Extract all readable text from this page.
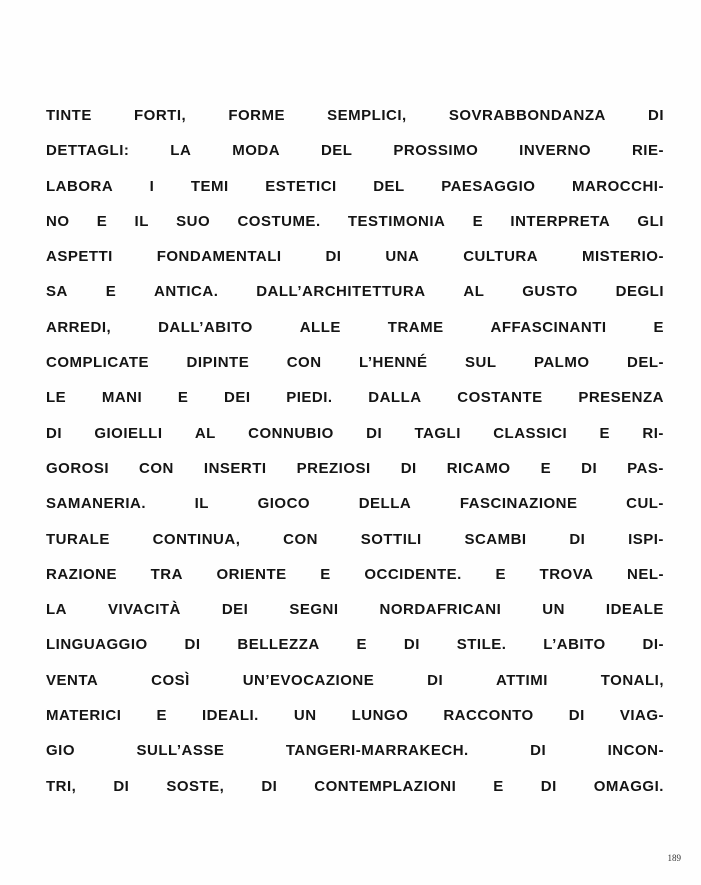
TINTE	FORTI,	FORME	SEMPLICI,	SOVRABBONDANZA	DI
DETTAGLI:	LA	MODA	DEL	PROSSIMO	INVERNO	RIE-
LABORA I TEMI ESTETICI DEL PAESAGGIO MAROCCHI-
NO E IL SUO COSTUME. TESTIMONIA E INTERPRETA GLI
ASPETTI	FONDAMENTALI	DI	UNA	CULTURA	MISTERIO-
SA	E	ANTICA.	DALL’ARCHITETTURA	AL	GUSTO	DEGLI
ARREDI,	DALL’ABITO	ALLE	TRAME	AFFASCINANTI	E
COMPLICATE DIPINTE CON L’HENNÉ SUL PALMO DEL-
LE MANI E DEI PIEDI. DALLA COSTANTE PRESENZA
DI GIOIELLI AL CONNUBIO DI TAGLI CLASSICI E RI-
GOROSI CON INSERTI PREZIOSI DI RICAMO E DI PAS-
SAMANERIA.	IL	GIOCO	DELLA	FASCINAZIONE	CUL-
TURALE	CONTINUA,	CON	SOTTILI	SCAMBI	DI	ISPI-
RAZIONE TRA ORIENTE E OCCIDENTE. E TROVA NEL-
LA	VIVACITÀ	DEI	SEGNI	NORDAFRICANI	UN	IDEALE
LINGUAGGIO DI BELLEZZA E DI STILE. L’ABITO DI-
VENTA	COSÌ	UN’EVOCAZIONE	DI	ATTIMI	TONALI,
MATERICI E IDEALI. UN LUNGO RACCONTO DI VIAG-
GIO	SULL’ASSE	TANGERI-MARRAKECH.	DI	INCON-
TRI, DI SOSTE, DI CONTEMPLAZIONI E DI OMAGGI.
189
